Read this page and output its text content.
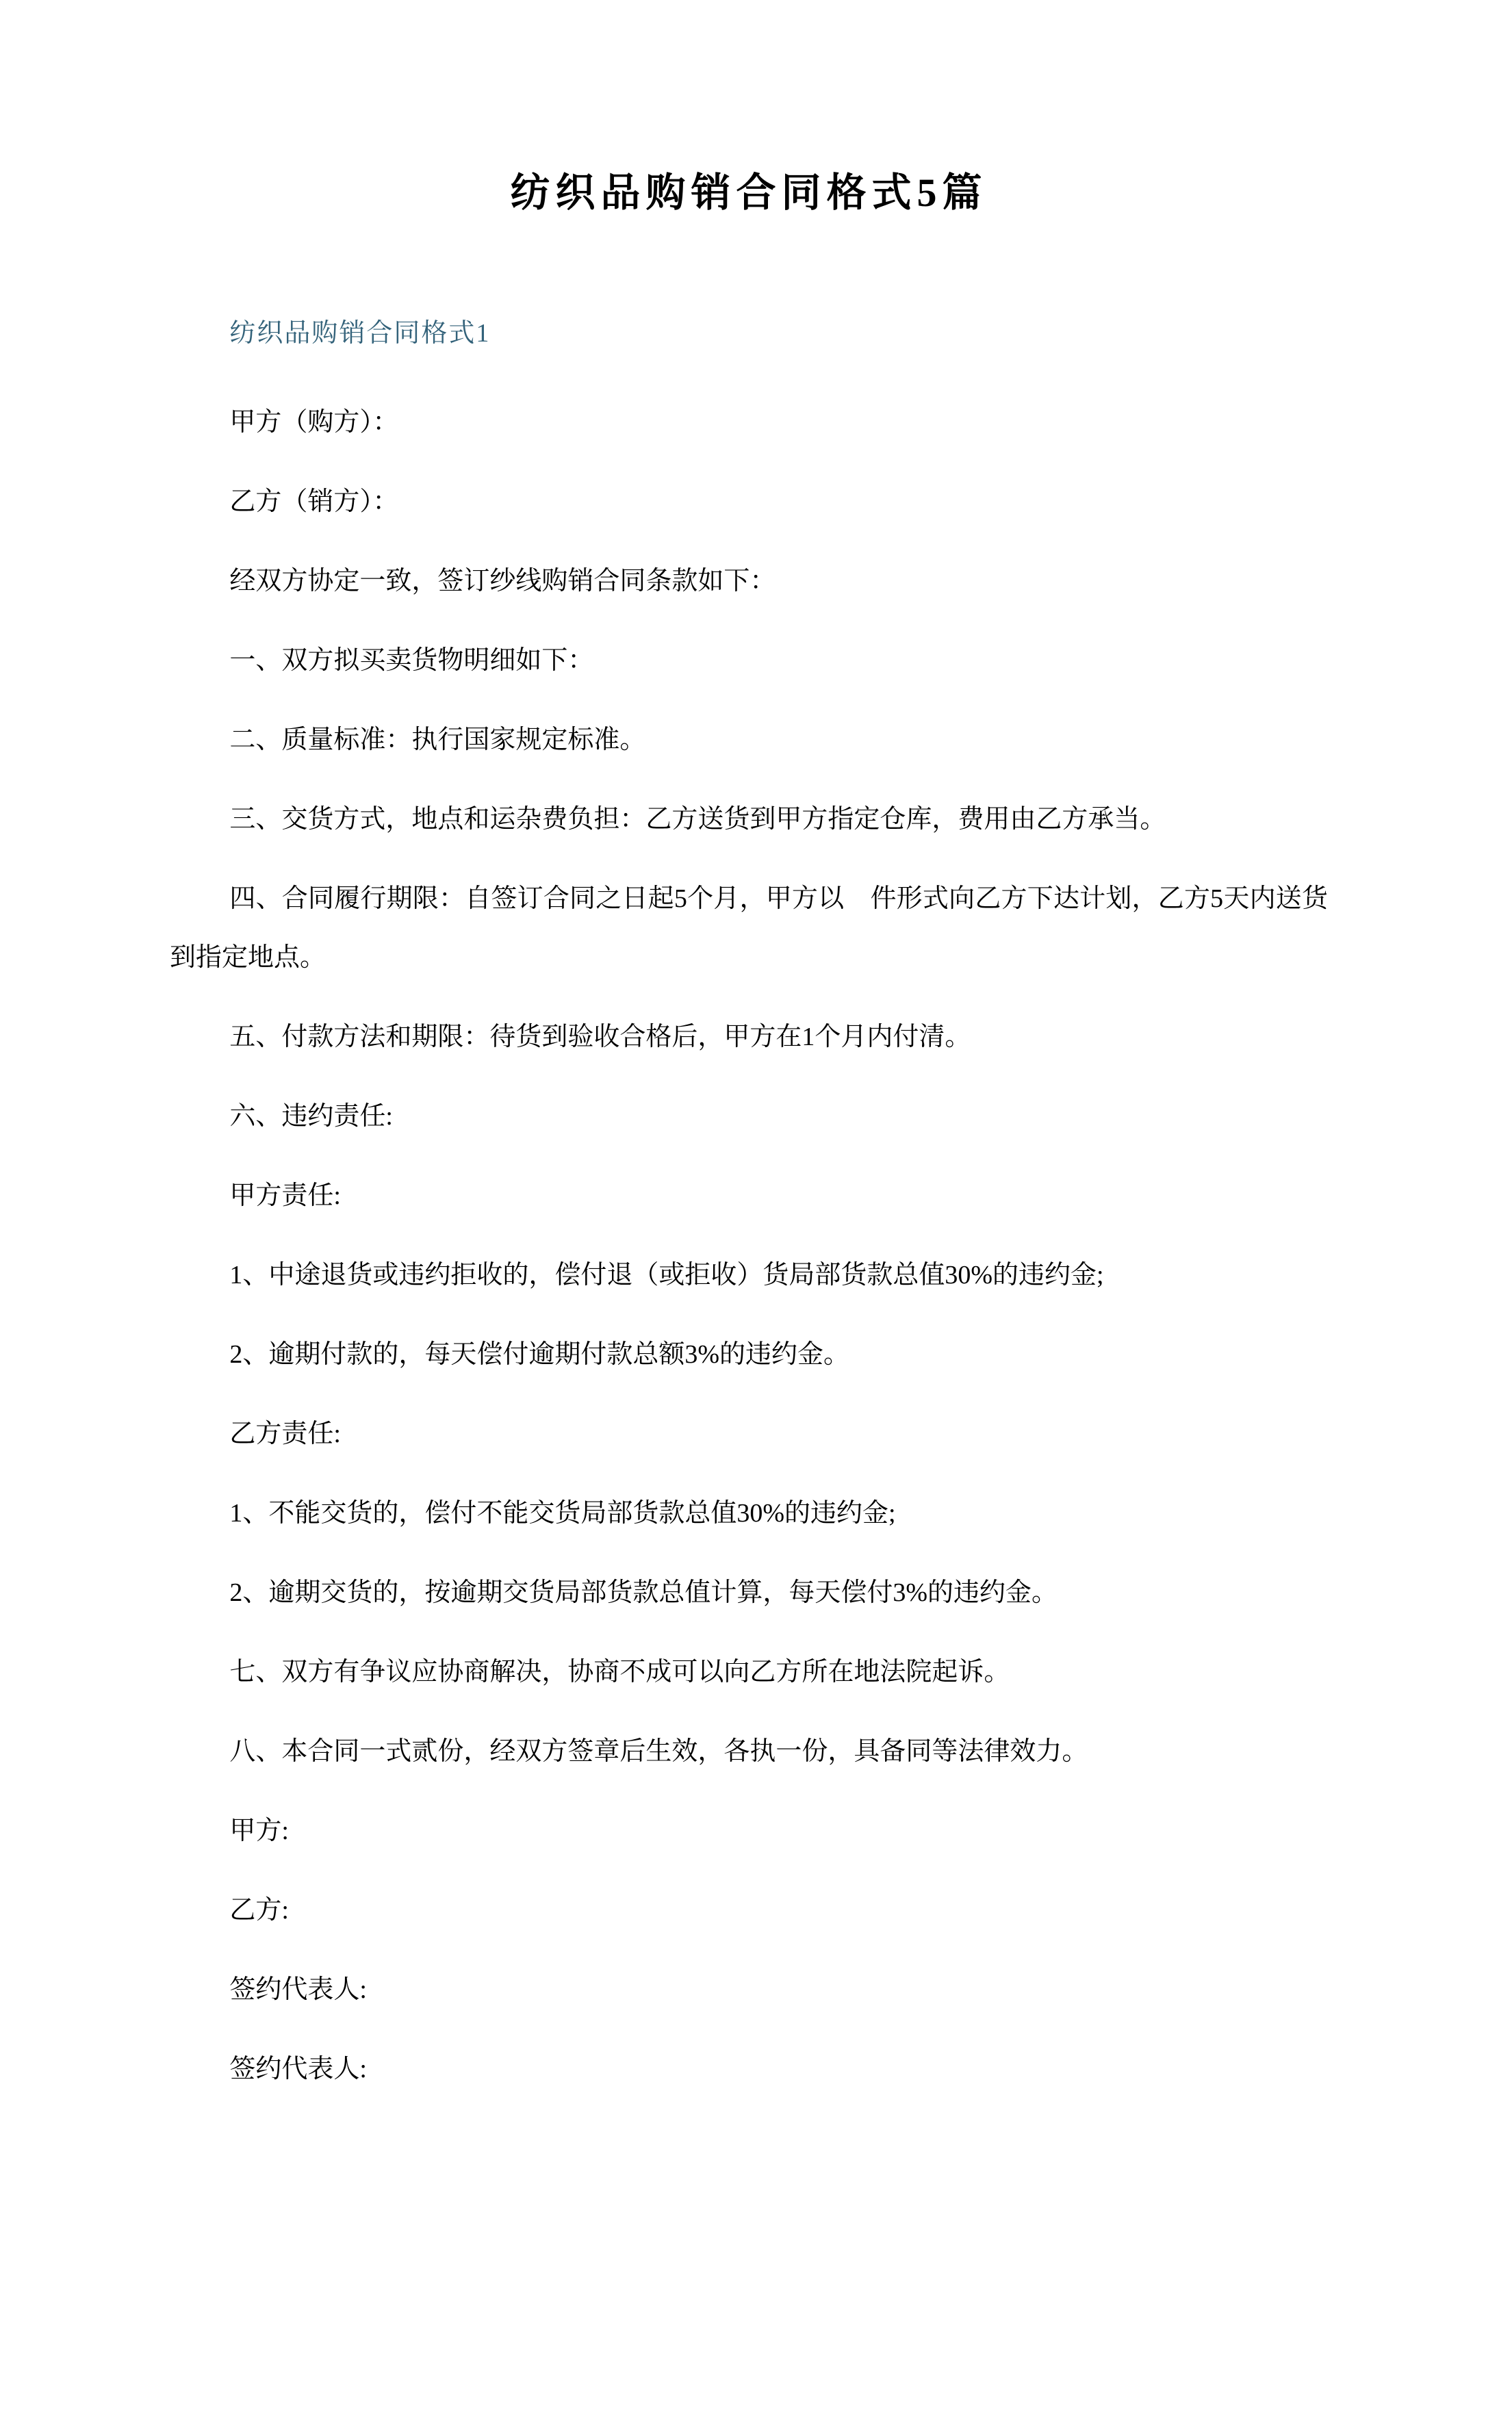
纺织品购销合同格式5篇

纺织品购销合同格式1

甲方（购方）：

乙方（销方）：

经双方协定一致，签订纱线购销合同条款如下：

一、双方拟买卖货物明细如下：

二、质量标准：执行国家规定标准。

三、交货方式，地点和运杂费负担：乙方送货到甲方指定仓库，费用由乙方承当。

四、合同履行期限：自签订合同之日起5个月，甲方以　件形式向乙方下达计划，乙方5天内送货到指定地点。

五、付款方法和期限：待货到验收合格后，甲方在1个月内付清。

六、违约责任:

甲方责任:

1、中途退货或违约拒收的，偿付退（或拒收）货局部货款总值30%的违约金;

2、逾期付款的，每天偿付逾期付款总额3%的违约金。

乙方责任:

1、不能交货的，偿付不能交货局部货款总值30%的违约金;

2、逾期交货的，按逾期交货局部货款总值计算，每天偿付3%的违约金。

七、双方有争议应协商解决，协商不成可以向乙方所在地法院起诉。

八、本合同一式贰份，经双方签章后生效，各执一份，具备同等法律效力。

甲方:

乙方:

签约代表人:

签约代表人:
